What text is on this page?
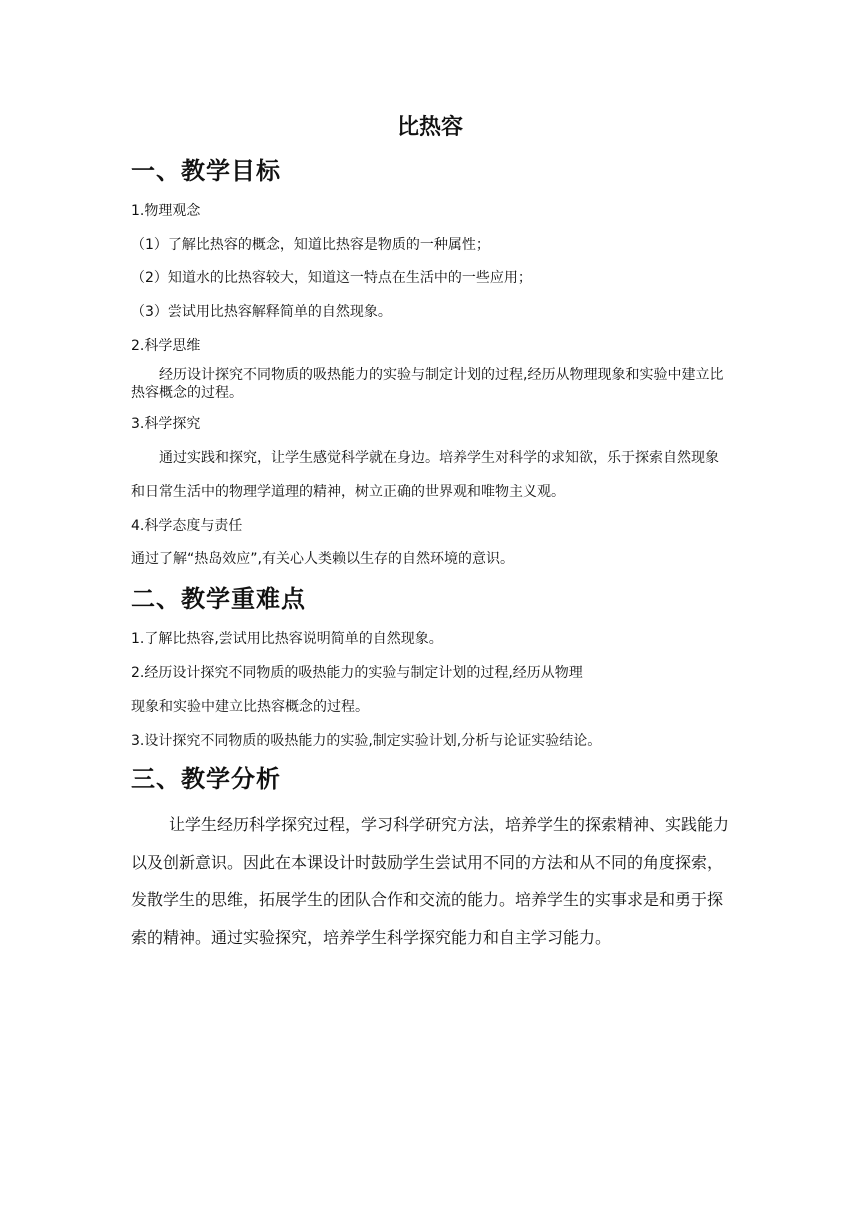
比热容
一、教学目标
1.物理观念
（1）了解比热容的概念，知道比热容是物质的一种属性；
（2）知道水的比热容较大，知道这一特点在生活中的一些应用；
（3）尝试用比热容解释简单的自然现象。
2.科学思维

经历设计探究不同物质的吸热能力的实验与制定计划的过程,经历从物理现象和实验中建立比热容概念的过程。

3.科学探究

通过实践和探究，让学生感觉科学就在身边。培养学生对科学的求知欲，乐于探索自然现象和日常生活中的物理学道理的精神，树立正确的世界观和唯物主义观。

4.科学态度与责任
通过了解“热岛效应”,有关心人类赖以生存的自然环境的意识。
二、教学重难点
1.了解比热容,尝试用比热容说明简单的自然现象。
2.经历设计探究不同物质的吸热能力的实验与制定计划的过程,经历从物理
现象和实验中建立比热容概念的过程。
3.设计探究不同物质的吸热能力的实验,制定实验计划,分析与论证实验结论。
三、教学分析

让学生经历科学探究过程，学习科学研究方法，培养学生的探索精神、实践能力以及创新意识。因此在本课设计时鼓励学生尝试用不同的方法和从不同的角度探索，发散学生的思维，拓展学生的团队合作和交流的能力。培养学生的实事求是和勇于探索的精神。通过实验探究，培养学生科学探究能力和自主学习能力。
